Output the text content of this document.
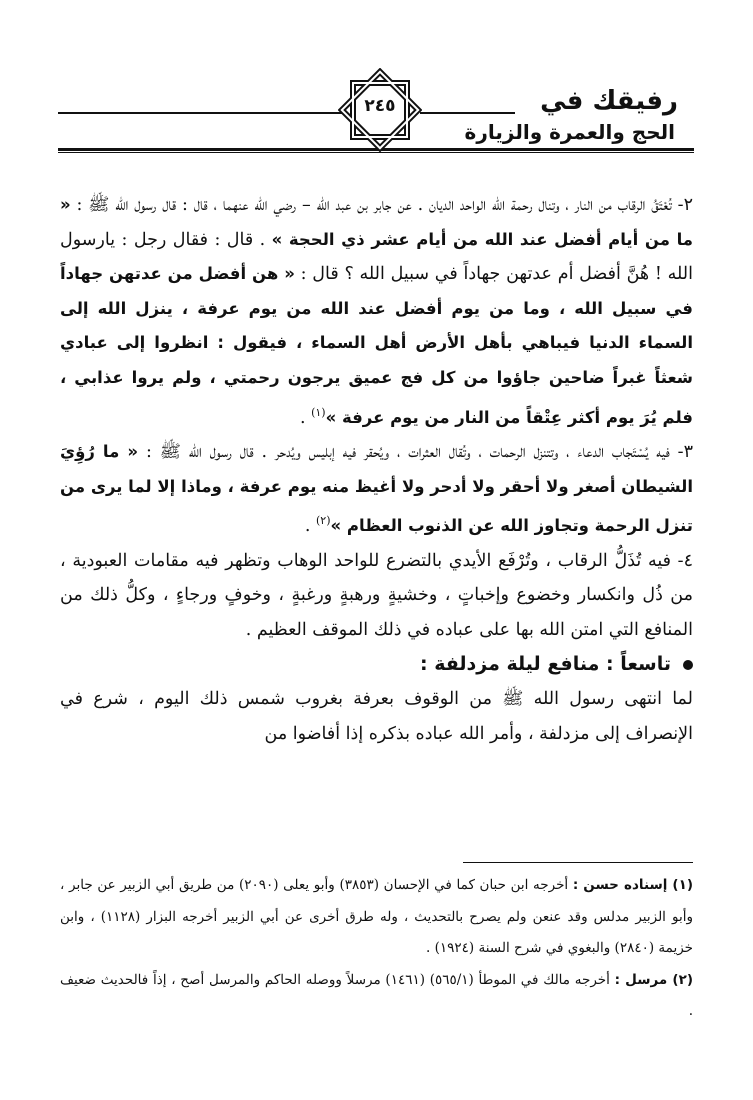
رفيقك في
الحج والعمرة والزيارة
٢٤٥

٢- تُعْتَقُ الرقاب من النار ، وتنال رحمة الله الواحد الديان . عن جابر بن عبد الله – رضي الله عنهما ، قال : قال رسول الله ﷺ : « ما من أيام أفضل عند الله من أيام عشر ذي الحجة » . قال : فقال رجل : يارسول الله ! هُنَّ أفضل أم عدتهن جهاداً في سبيل الله ؟ قال : « هن أفضل من عدتهن جهاداً في سبيل الله ، وما من يوم أفضل عند الله من يوم عرفة ، ينزل الله إلى السماء الدنيا فيباهي بأهل الأرض أهل السماء ، فيقول : انظروا إلى عبادي شعثاً غبراً ضاحين جاؤوا من كل فج عميق يرجون رحمتي ، ولم يروا عذابي ، فلم يُرَ يوم أكثر عِتْقاً من النار من يوم عرفة »$^{(١)}$ .

٣- فيه يُسْتَجاب الدعاء ، وتتنزل الرحمات ، وتُقال العثرات ، ويُحقر فيه إبليس ويُدحر . قال رسول الله ﷺ : « ما رُؤِيَ الشيطان أصغر ولا أحقر ولا أدحر ولا أغيظ منه يوم عرفة ، وماذا إلا لما يرى من تنزل الرحمة وتجاوز الله عن الذنوب العظام »$^{(٢)}$ .

٤- فيه تُذَلُّ الرقاب ، وتُرْفَع الأيدي بالتضرع للواحد الوهاب وتظهر فيه مقامات العبودية ، من ذُل وانكسار وخضوع وإخباتٍ ، وخشيةٍ ورهبةٍ ورغبةٍ ، وخوفٍ ورجاءٍ ، وكلُّ ذلك من المنافع التي امتن الله بها على عباده في ذلك الموقف العظيم .

تاسعاً : منافع ليلة مزدلفة :

لما انتهى رسول الله ﷺ من الوقوف بعرفة بغروب شمس ذلك اليوم ، شرع في الإنصراف إلى مزدلفة ، وأمر الله عباده بذكره إذا أفاضوا من

(١) إسناده حسن : أخرجه ابن حبان كما في الإحسان (٣٨٥٣) وأبو يعلى (٢٠٩٠) من طريق أبي الزبير عن جابر ، وأبو الزبير مدلس وقد عنعن ولم يصرح بالتحديث ، وله طرق أخرى عن أبي الزبير أخرجه البزار (١١٢٨) ، وابن خزيمة (٢٨٤٠) والبغوي في شرح السنة (١٩٢٤) .

(٢) مرسل : أخرجه مالك في الموطأ (٥٦٥/١) (١٤٦١) مرسلاً ووصله الحاكم والمرسل أصح ، إذاً فالحديث ضعيف .
